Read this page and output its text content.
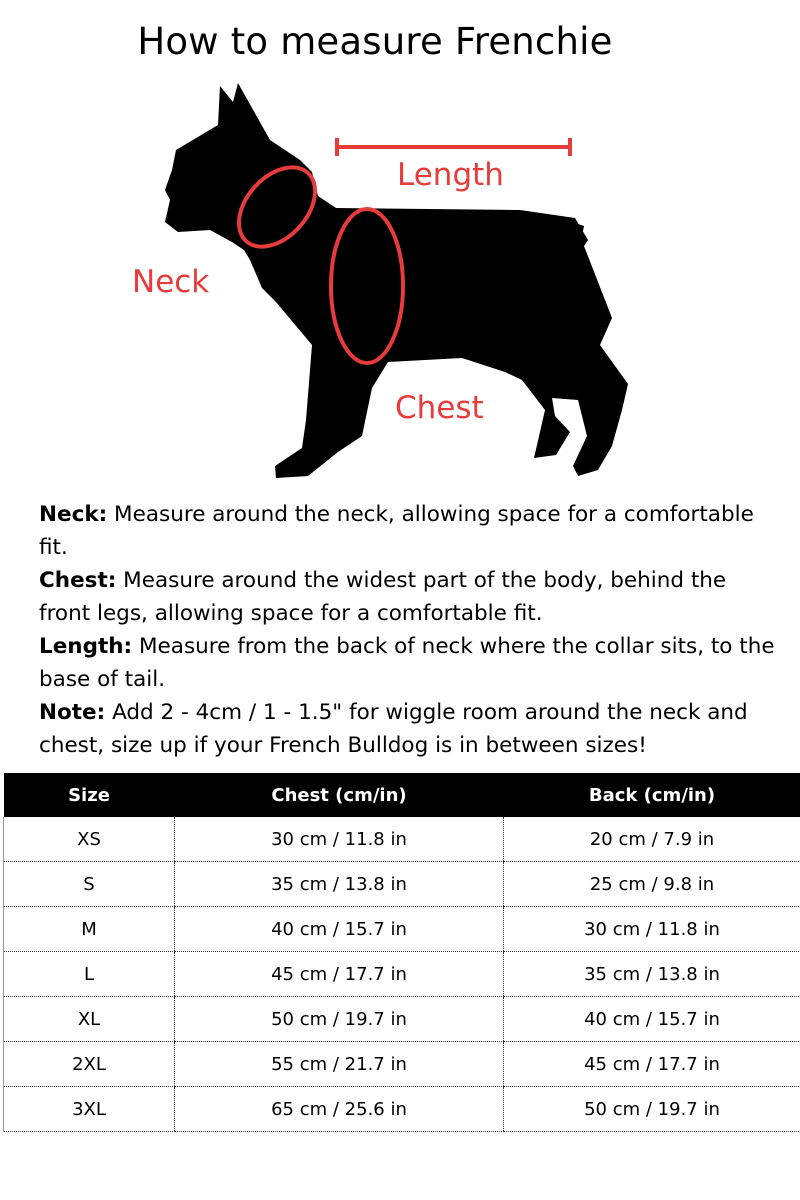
How to measure Frenchie
Length
Neck
Chest

Neck: Measure around the neck, allowing space for a comfortable fit.

Chest: Measure around the widest part of the body, behind the front legs, allowing space for a comfortable fit.

Length: Measure from the back of neck where the collar sits, to the base of tail.

Note: Add 2 - 4cm / 1 - 1.5" for wiggle room around the neck and chest, size up if your French Bulldog is in between sizes!

Size	Chest (cm/in)	Back (cm/in)
XS	30 cm / 11.8 in	20 cm / 7.9 in
S	35 cm / 13.8 in	25 cm / 9.8 in
M	40 cm / 15.7 in	30 cm / 11.8 in
L	45 cm / 17.7 in	35 cm / 13.8 in
XL	50 cm / 19.7 in	40 cm / 15.7 in
2XL	55 cm / 21.7 in	45 cm / 17.7 in
3XL	65 cm / 25.6 in	50 cm / 19.7 in
